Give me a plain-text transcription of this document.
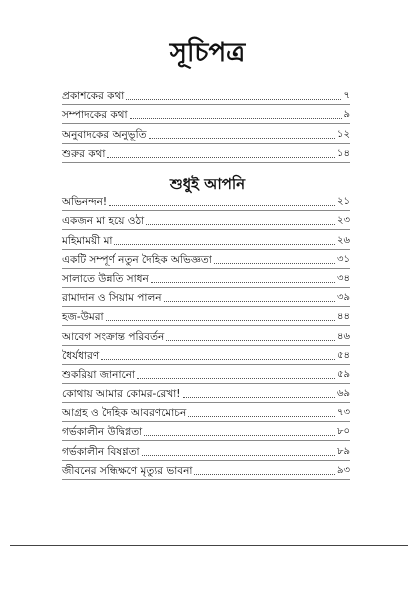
সূচিপত্র
প্রকাশকের কথা	৭
সম্পাদকের কথা	৯
অনুবাদকের অনুভূতি	১২
শুরুর কথা	১৪
শুধুই আপনি
অভিনন্দন!	২১
একজন মা হয়ে ওঠা	২৩
মহিমাময়ী মা	২৬
একটি সম্পূর্ণ নতুন দৈহিক অভিজ্ঞতা	৩১
সালাতে উন্নতি সাধন	৩৪
রামাদান ও সিয়াম পালন	৩৯
হজ-উমরা	৪৪
আবেগ সংক্রান্ত পরিবর্তন	৪৬
ধৈর্যধারণ	৫৪
শুকরিয়া জানানো	৫৯
কোথায় আমার কোমর-রেখা!	৬৯
আগ্রহ ও দৈহিক আবরণমোচন	৭৩
গর্ভকালীন উদ্বিগ্নতা	৮০
গর্ভকালীন বিষণ্ণতা	৮৯
জীবনের সন্ধিক্ষণে মৃত্যুর ভাবনা	৯৩
